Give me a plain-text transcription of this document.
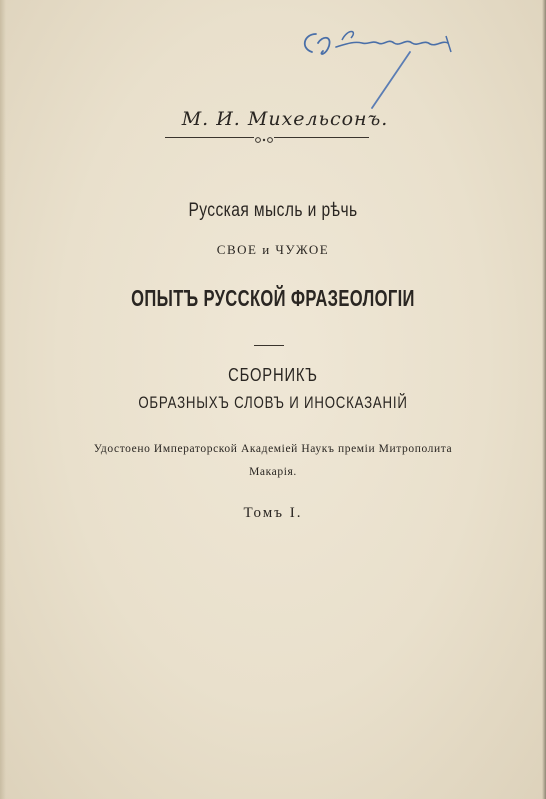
М. И. Михельсонъ.
Русская мысль и рѣчь
СВОЕ и ЧУЖОЕ
ОПЫТЪ РУССКОЙ ФРАЗЕОЛОГIИ
СБОРНИКЪ
ОБРАЗНЫХЪ СЛОВЪ И ИНОСКАЗАНIЙ
Удостоено Императорской Академiей Наукъ премiи Митрополита
Макарiя.
Томъ I.
